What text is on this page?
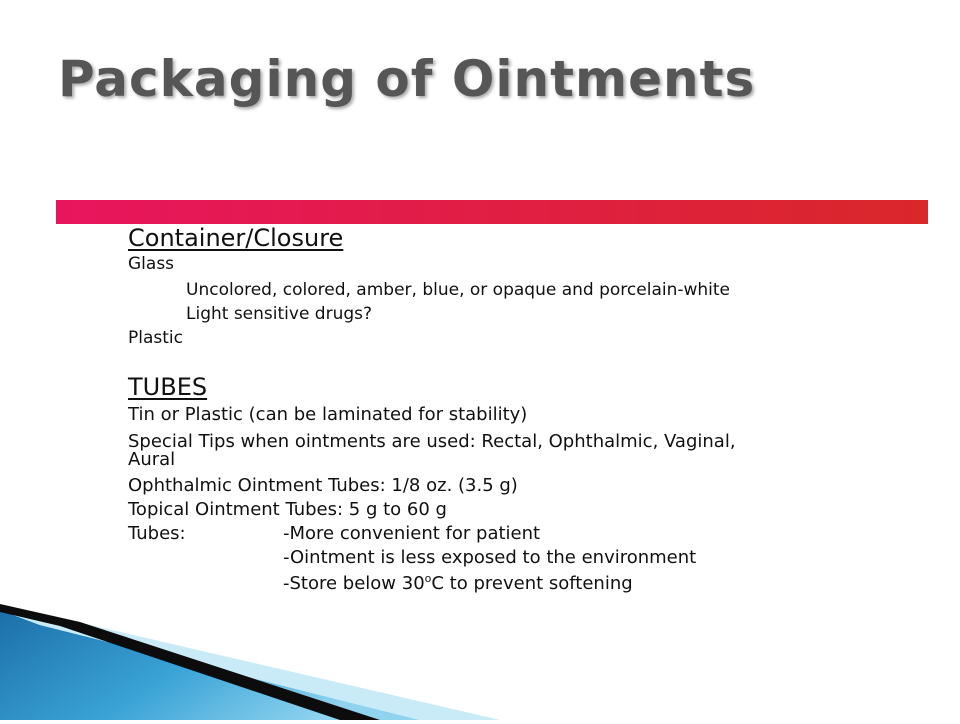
Packaging of Ointments

Container/Closure

Glass

Uncolored, colored, amber, blue, or opaque and porcelain-white

Light sensitive drugs?

Plastic

TUBES

Tin or Plastic (can be laminated for stability)

Special Tips when ointments are used: Rectal, Ophthalmic, Vaginal,

Aural

Ophthalmic Ointment Tubes: 1/8 oz. (3.5 g)

Topical Ointment Tubes: 5 g to 60 g

Tubes:	-More convenient for patient

-Ointment is less exposed to the environment

-Store below 30$^o$C to prevent softening
